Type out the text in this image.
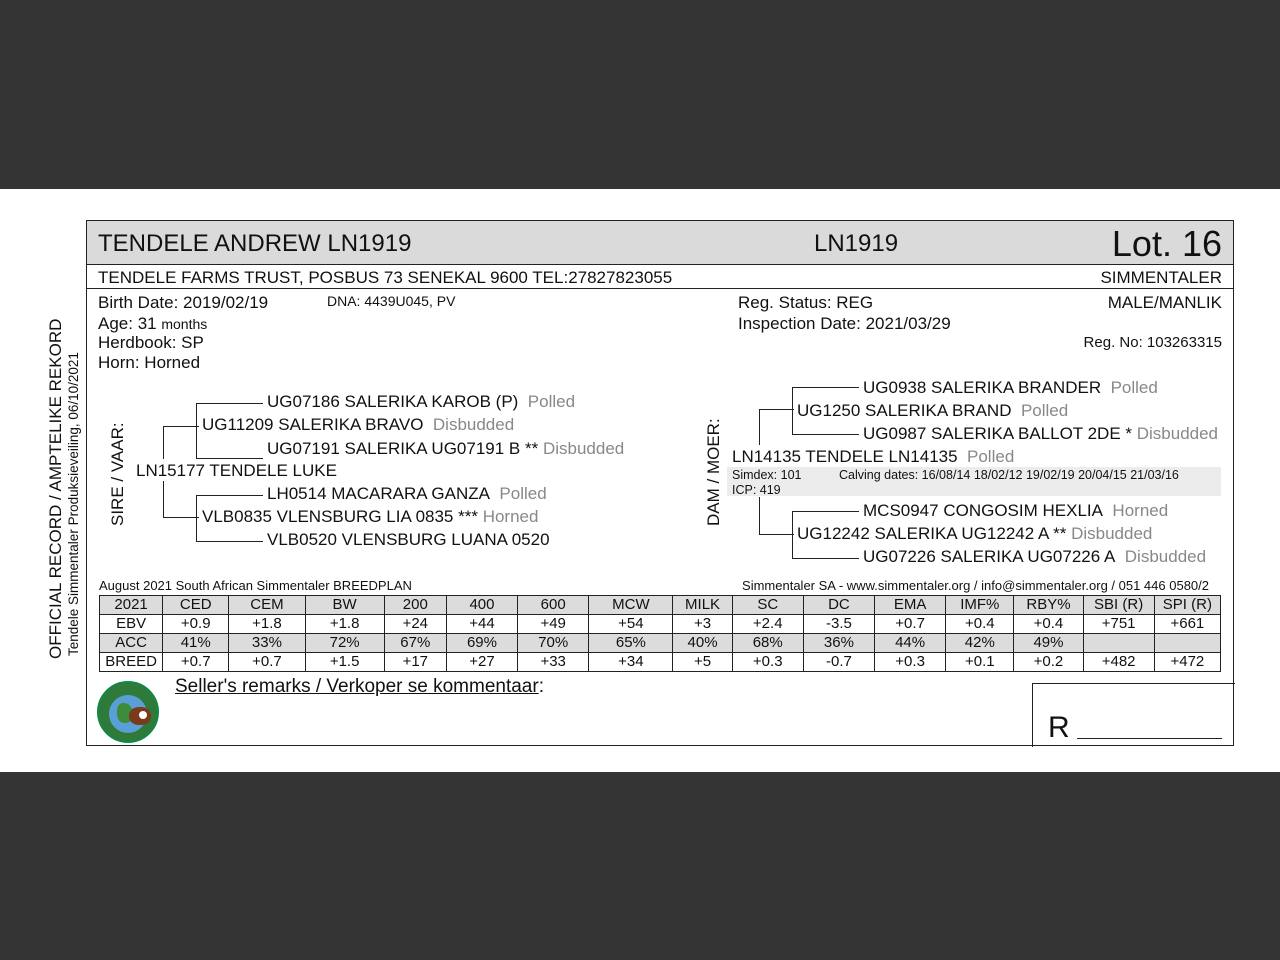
OFFICIAL RECORD / AMPTELIKE REKORD Tendele Simmentaler Produksieveiling, 06/10/2021
TENDELE ANDREW LN1919	LN1919	Lot. 16
TENDELE FARMS TRUST, POSBUS 73 SENEKAL 9600 TEL:27827823055	SIMMENTALER
Birth Date: 2019/02/19	DNA: 4439U045, PV
Age: 31 months
Herdbook: SP
Horn: Horned
Reg. Status: REG
Inspection Date: 2021/03/29
MALE/MANLIK
Reg. No: 103263315
SIRE / VAAR: LN15177 TENDELE LUKE
UG11209 SALERIKA BRAVO Disbudded
UG07186 SALERIKA KAROB (P) Polled
UG07191 SALERIKA UG07191 B ** Disbudded
VLB0835 VLENSBURG LIA 0835 *** Horned
LH0514 MACARARA GANZA Polled
VLB0520 VLENSBURG LUANA 0520
DAM / MOER: LN14135 TENDELE LN14135 Polled
Simdex: 101	Calving dates: 16/08/14 18/02/12 19/02/19 20/04/15 21/03/16
ICP: 419
UG1250 SALERIKA BRAND Polled
UG0938 SALERIKA BRANDER Polled
UG0987 SALERIKA BALLOT 2DE * Disbudded
UG12242 SALERIKA UG12242 A ** Disbudded
MCS0947 CONGOSIM HEXLIA Horned
UG07226 SALERIKA UG07226 A Disbudded
August 2021 South African Simmentaler BREEDPLAN	Simmentaler SA - www.simmentaler.org / info@simmentaler.org / 051 446 0580/2
2021	CED	CEM	BW	200	400	600	MCW	MILK	SC	DC	EMA	IMF%	RBY%	SBI (R)	SPI (R)
EBV	+0.9	+1.8	+1.8	+24	+44	+49	+54	+3	+2.4	-3.5	+0.7	+0.4	+0.4	+751	+661
ACC	41%	33%	72%	67%	69%	70%	65%	40%	68%	36%	44%	42%	49%		
BREED	+0.7	+0.7	+1.5	+17	+27	+33	+34	+5	+0.3	-0.7	+0.3	+0.1	+0.2	+482	+472
Seller's remarks / Verkoper se kommentaar:
R
